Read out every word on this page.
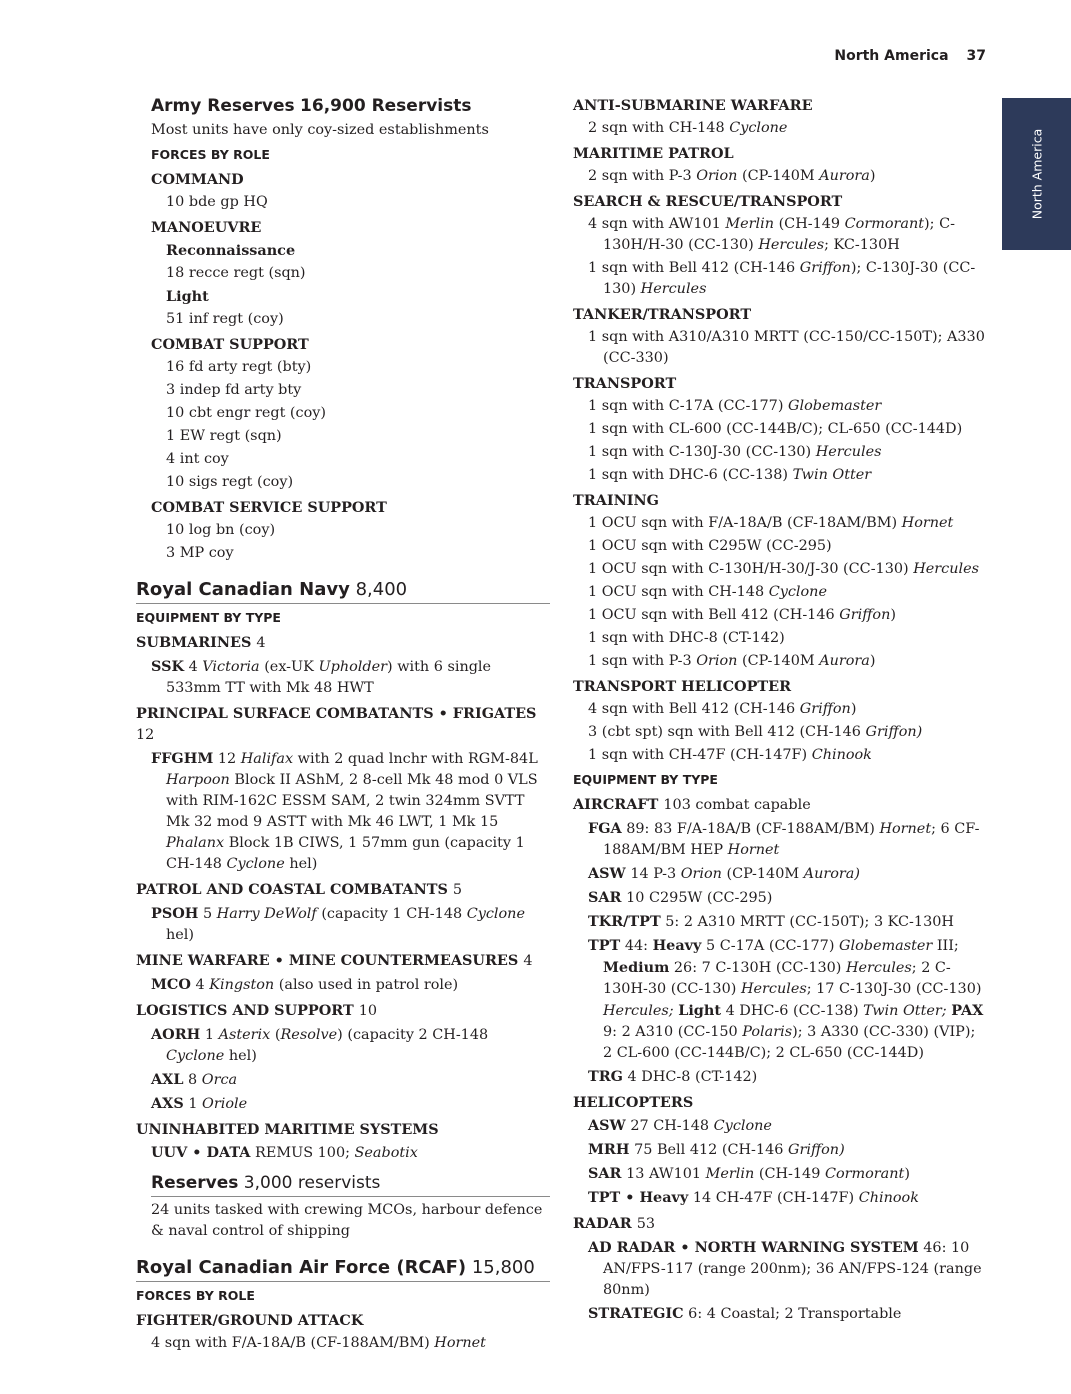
North America 37
North America
Army Reserves 16,900 Reservists
Most units have only coy-sized establishments
FORCES BY ROLE
COMMAND
10 bde gp HQ
MANOEUVRE
Reconnaissance
18 recce regt (sqn)
Light
51 inf regt (coy)
COMBAT SUPPORT
16 fd arty regt (bty)
3 indep fd arty bty
10 cbt engr regt (coy)
1 EW regt (sqn)
4 int coy
10 sigs regt (coy)
COMBAT SERVICE SUPPORT
10 log bn (coy)
3 MP coy
Royal Canadian Navy 8,400
EQUIPMENT BY TYPE
SUBMARINES 4
SSK 4 Victoria (ex-UK Upholder) with 6 single 533mm TT with Mk 48 HWT
PRINCIPAL SURFACE COMBATANTS • FRIGATES 12
FFGHM 12 Halifax with 2 quad lnchr with RGM-84L Harpoon Block II AShM, 2 8-cell Mk 48 mod 0 VLS with RIM-162C ESSM SAM, 2 twin 324mm SVTT Mk 32 mod 9 ASTT with Mk 46 LWT, 1 Mk 15 Phalanx Block 1B CIWS, 1 57mm gun (capacity 1 CH-148 Cyclone hel)
PATROL AND COASTAL COMBATANTS 5
PSOH 5 Harry DeWolf (capacity 1 CH-148 Cyclone hel)
MINE WARFARE • MINE COUNTERMEASURES 4
MCO 4 Kingston (also used in patrol role)
LOGISTICS AND SUPPORT 10
AORH 1 Asterix (Resolve) (capacity 2 CH-148 Cyclone hel)
AXL 8 Orca
AXS 1 Oriole
UNINHABITED MARITIME SYSTEMS
UUV • DATA REMUS 100; Seabotix
Reserves 3,000 reservists
24 units tasked with crewing MCOs, harbour defence & naval control of shipping
Royal Canadian Air Force (RCAF) 15,800
FORCES BY ROLE
FIGHTER/GROUND ATTACK
4 sqn with F/A-18A/B (CF-188AM/BM) Hornet
ANTI-SUBMARINE WARFARE
2 sqn with CH-148 Cyclone
MARITIME PATROL
2 sqn with P-3 Orion (CP-140M Aurora)
SEARCH & RESCUE/TRANSPORT
4 sqn with AW101 Merlin (CH-149 Cormorant); C-130H/H-30 (CC-130) Hercules; KC-130H
1 sqn with Bell 412 (CH-146 Griffon); C-130J-30 (CC-130) Hercules
TANKER/TRANSPORT
1 sqn with A310/A310 MRTT (CC-150/CC-150T); A330 (CC-330)
TRANSPORT
1 sqn with C-17A (CC-177) Globemaster
1 sqn with CL-600 (CC-144B/C); CL-650 (CC-144D)
1 sqn with C-130J-30 (CC-130) Hercules
1 sqn with DHC-6 (CC-138) Twin Otter
TRAINING
1 OCU sqn with F/A-18A/B (CF-18AM/BM) Hornet
1 OCU sqn with C295W (CC-295)
1 OCU sqn with C-130H/H-30/J-30 (CC-130) Hercules
1 OCU sqn with CH-148 Cyclone
1 OCU sqn with Bell 412 (CH-146 Griffon)
1 sqn with DHC-8 (CT-142)
1 sqn with P-3 Orion (CP-140M Aurora)
TRANSPORT HELICOPTER
4 sqn with Bell 412 (CH-146 Griffon)
3 (cbt spt) sqn with Bell 412 (CH-146 Griffon)
1 sqn with CH-47F (CH-147F) Chinook
EQUIPMENT BY TYPE
AIRCRAFT 103 combat capable
FGA 89: 83 F/A-18A/B (CF-188AM/BM) Hornet; 6 CF-188AM/BM HEP Hornet
ASW 14 P-3 Orion (CP-140M Aurora)
SAR 10 C295W (CC-295)
TKR/TPT 5: 2 A310 MRTT (CC-150T); 3 KC-130H
TPT 44: Heavy 5 C-17A (CC-177) Globemaster III; Medium 26: 7 C-130H (CC-130) Hercules; 2 C-130H-30 (CC-130) Hercules; 17 C-130J-30 (CC-130) Hercules; Light 4 DHC-6 (CC-138) Twin Otter; PAX 9: 2 A310 (CC-150 Polaris); 3 A330 (CC-330) (VIP); 2 CL-600 (CC-144B/C); 2 CL-650 (CC-144D)
TRG 4 DHC-8 (CT-142)
HELICOPTERS
ASW 27 CH-148 Cyclone
MRH 75 Bell 412 (CH-146 Griffon)
SAR 13 AW101 Merlin (CH-149 Cormorant)
TPT • Heavy 14 CH-47F (CH-147F) Chinook
RADAR 53
AD RADAR • NORTH WARNING SYSTEM 46: 10 AN/FPS-117 (range 200nm); 36 AN/FPS-124 (range 80nm)
STRATEGIC 6: 4 Coastal; 2 Transportable
